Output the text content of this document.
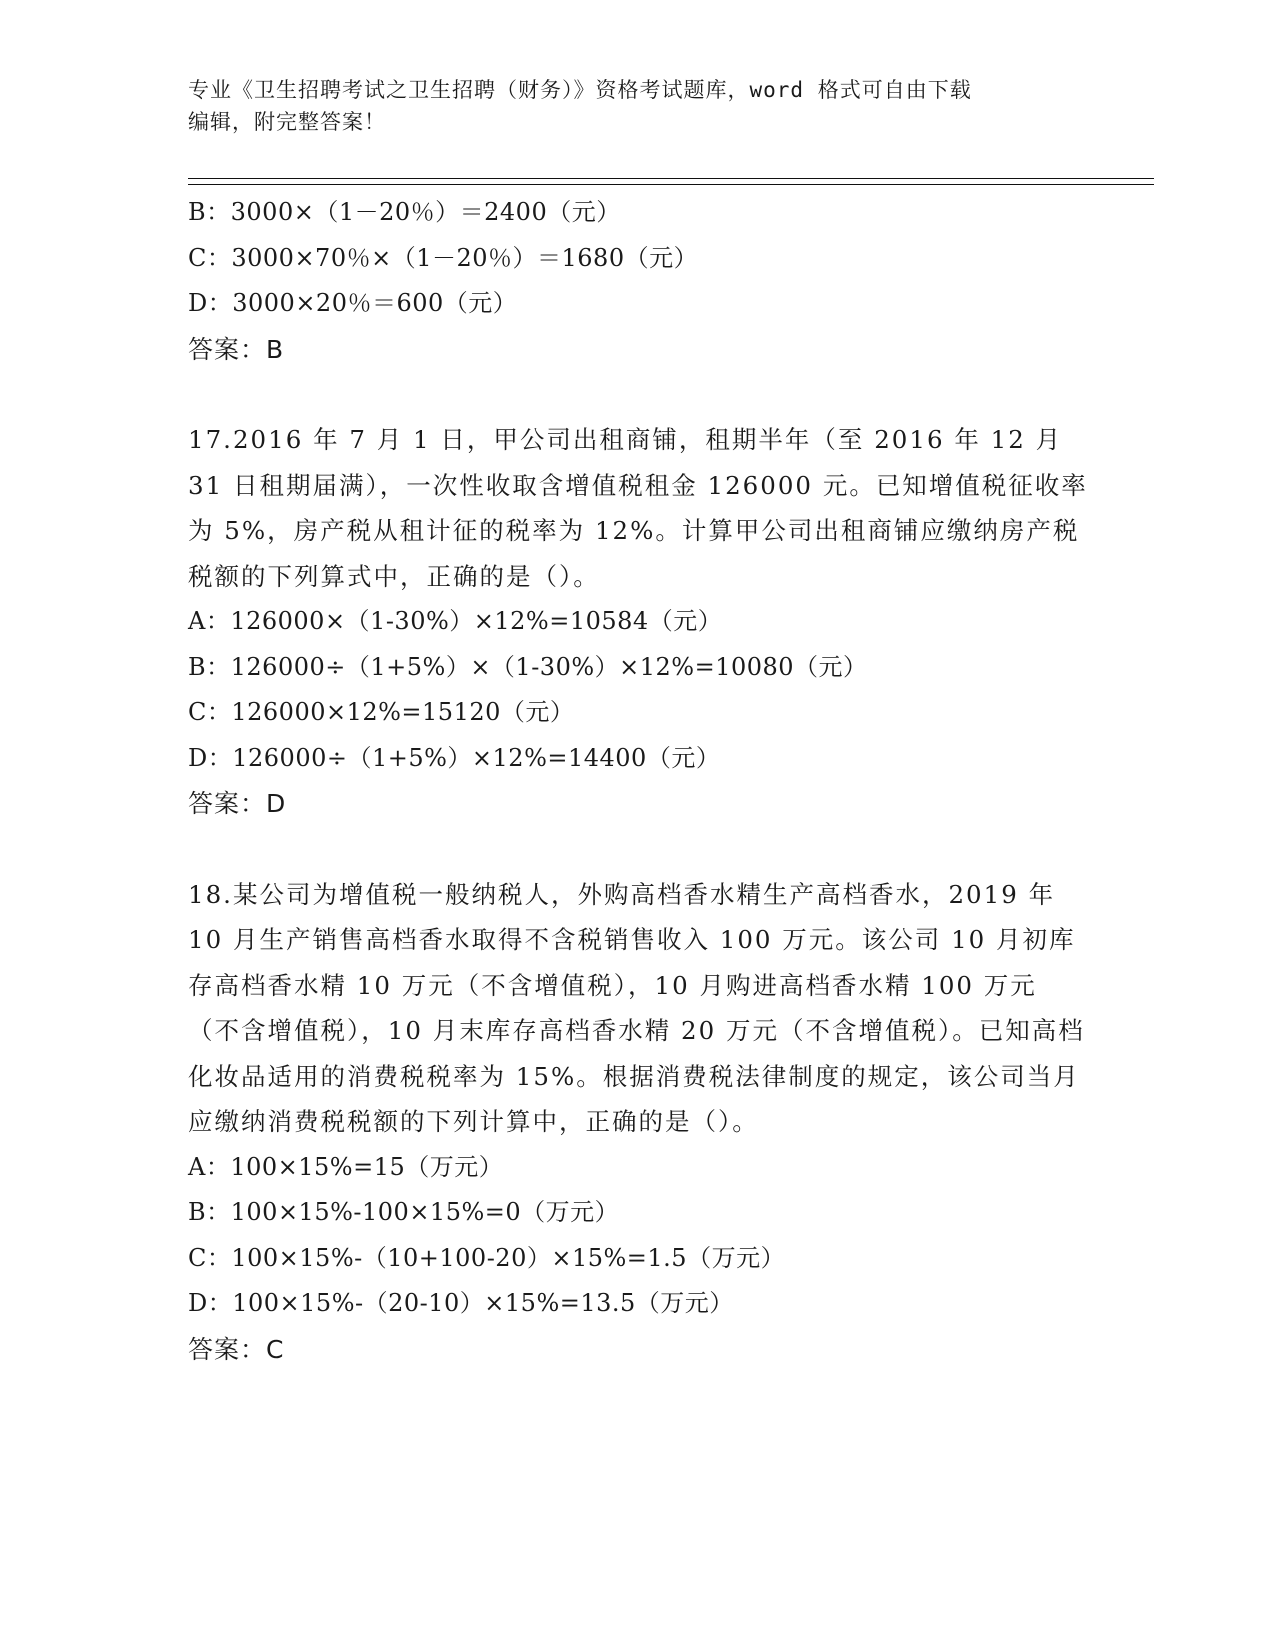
专业《卫生招聘考试之卫生招聘（财务）》资格考试题库，word 格式可自由下载
编辑，附完整答案！
B：3000×（1－20％）＝2400（元）
C：3000×70％×（1－20％）＝1680（元）
D：3000×20％＝600（元）
答案：B

17.2016 年 7 月 1 日，甲公司出租商铺，租期半年（至 2016 年 12 月 31 日租期届满），一次性收取含增值税租金 126000 元。已知增值税征收率为 5%，房产税从租计征的税率为 12%。计算甲公司出租商铺应缴纳房产税税额的下列算式中，正确的是（）。

A：126000×（1-30%）×12%=10584（元）
B：126000÷（1+5%）×（1-30%）×12%=10080（元）
C：126000×12%=15120（元）
D：126000÷（1+5%）×12%=14400（元）
答案：D

18.某公司为增值税一般纳税人，外购高档香水精生产高档香水，2019 年 10 月生产销售高档香水取得不含税销售收入 100 万元。该公司 10 月初库存高档香水精 10 万元（不含增值税），10 月购进高档香水精 100 万元（不含增值税），10 月末库存高档香水精 20 万元（不含增值税）。已知高档化妆品适用的消费税税率为 15%。根据消费税法律制度的规定，该公司当月应缴纳消费税税额的下列计算中，正确的是（）。

A：100×15%=15（万元）
B：100×15%-100×15%=0（万元）
C：100×15%-（10+100-20）×15%=1.5（万元）
D：100×15%-（20-10）×15%=13.5（万元）
答案：C
